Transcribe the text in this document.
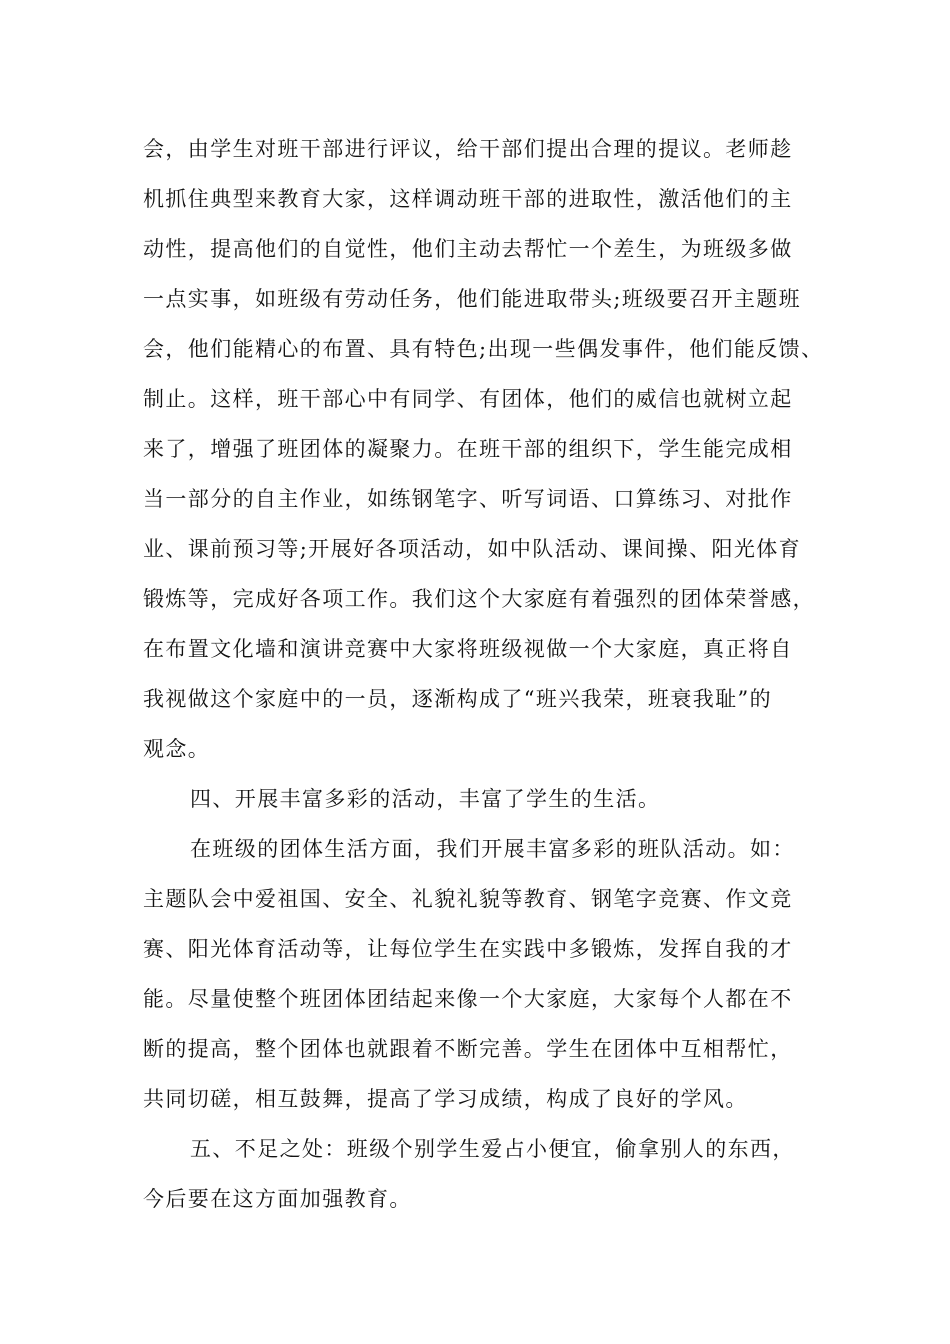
会，由学生对班干部进行评议，给干部们提出合理的提议。老师趁
机抓住典型来教育大家，这样调动班干部的进取性，激活他们的主
动性，提高他们的自觉性，他们主动去帮忙一个差生，为班级多做
一点实事，如班级有劳动任务，他们能进取带头;班级要召开主题班
会，他们能精心的布置、具有特色;出现一些偶发事件，他们能反馈、
制止。这样，班干部心中有同学、有团体，他们的威信也就树立起
来了，增强了班团体的凝聚力。在班干部的组织下，学生能完成相
当一部分的自主作业，如练钢笔字、听写词语、口算练习、对批作
业、课前预习等;开展好各项活动，如中队活动、课间操、阳光体育
锻炼等，完成好各项工作。我们这个大家庭有着强烈的团体荣誉感，
在布置文化墙和演讲竞赛中大家将班级视做一个大家庭，真正将自
我视做这个家庭中的一员，逐渐构成了“班兴我荣，班衰我耻”的
观念。
四、开展丰富多彩的活动，丰富了学生的生活。
在班级的团体生活方面，我们开展丰富多彩的班队活动。如：
主题队会中爱祖国、安全、礼貌礼貌等教育、钢笔字竞赛、作文竞
赛、阳光体育活动等，让每位学生在实践中多锻炼，发挥自我的才
能。尽量使整个班团体团结起来像一个大家庭，大家每个人都在不
断的提高，整个团体也就跟着不断完善。学生在团体中互相帮忙，
共同切磋，相互鼓舞，提高了学习成绩，构成了良好的学风。
五、不足之处：班级个别学生爱占小便宜，偷拿别人的东西，
今后要在这方面加强教育。
